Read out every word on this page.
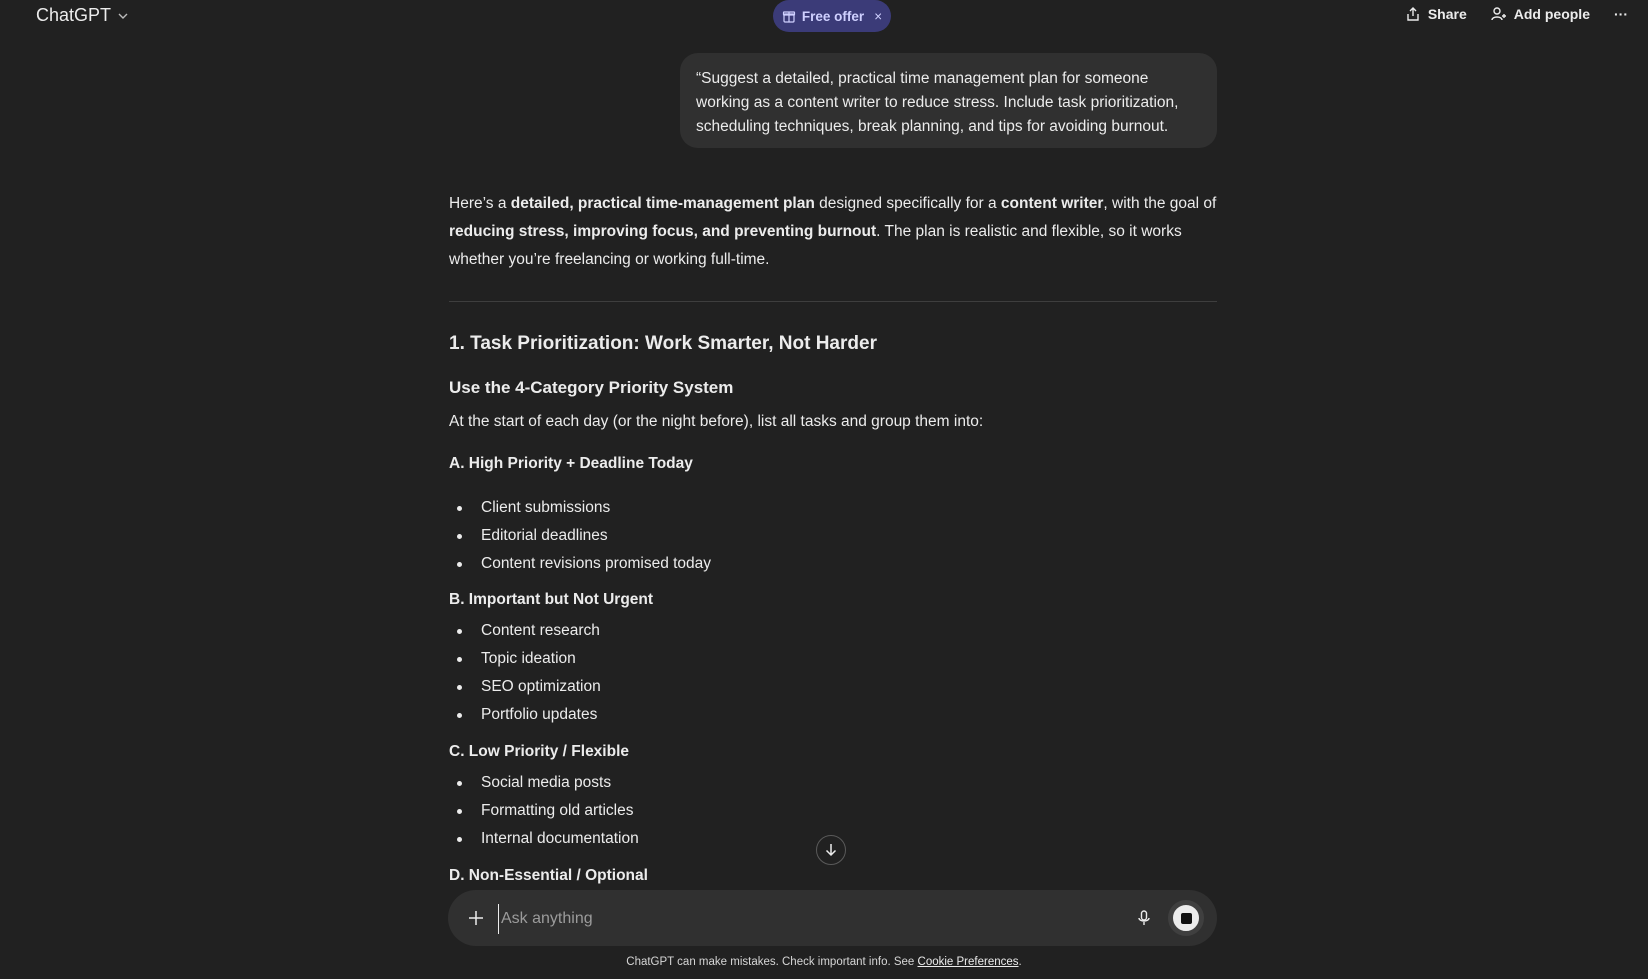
ChatGPT	Free offer ×	Share	Add people ···
“Suggest a detailed, practical time management plan for someone working as a content writer to reduce stress. Include task prioritization, scheduling techniques, break planning, and tips for avoiding burnout.

Here’s a detailed, practical time-management plan designed specifically for a content writer, with the goal of reducing stress, improving focus, and preventing burnout. The plan is realistic and flexible, so it works whether you’re freelancing or working full-time.

1. Task Prioritization: Work Smarter, Not Harder
Use the 4-Category Priority System
At the start of each day (or the night before), list all tasks and group them into:
A. High Priority + Deadline Today
Client submissions
Editorial deadlines
Content revisions promised today
B. Important but Not Urgent
Content research
Topic ideation
SEO optimization
Portfolio updates
C. Low Priority / Flexible
Social media posts
Formatting old articles
Internal documentation
D. Non-Essential / Optional
Ask anything
ChatGPT can make mistakes. Check important info. See Cookie Preferences.
